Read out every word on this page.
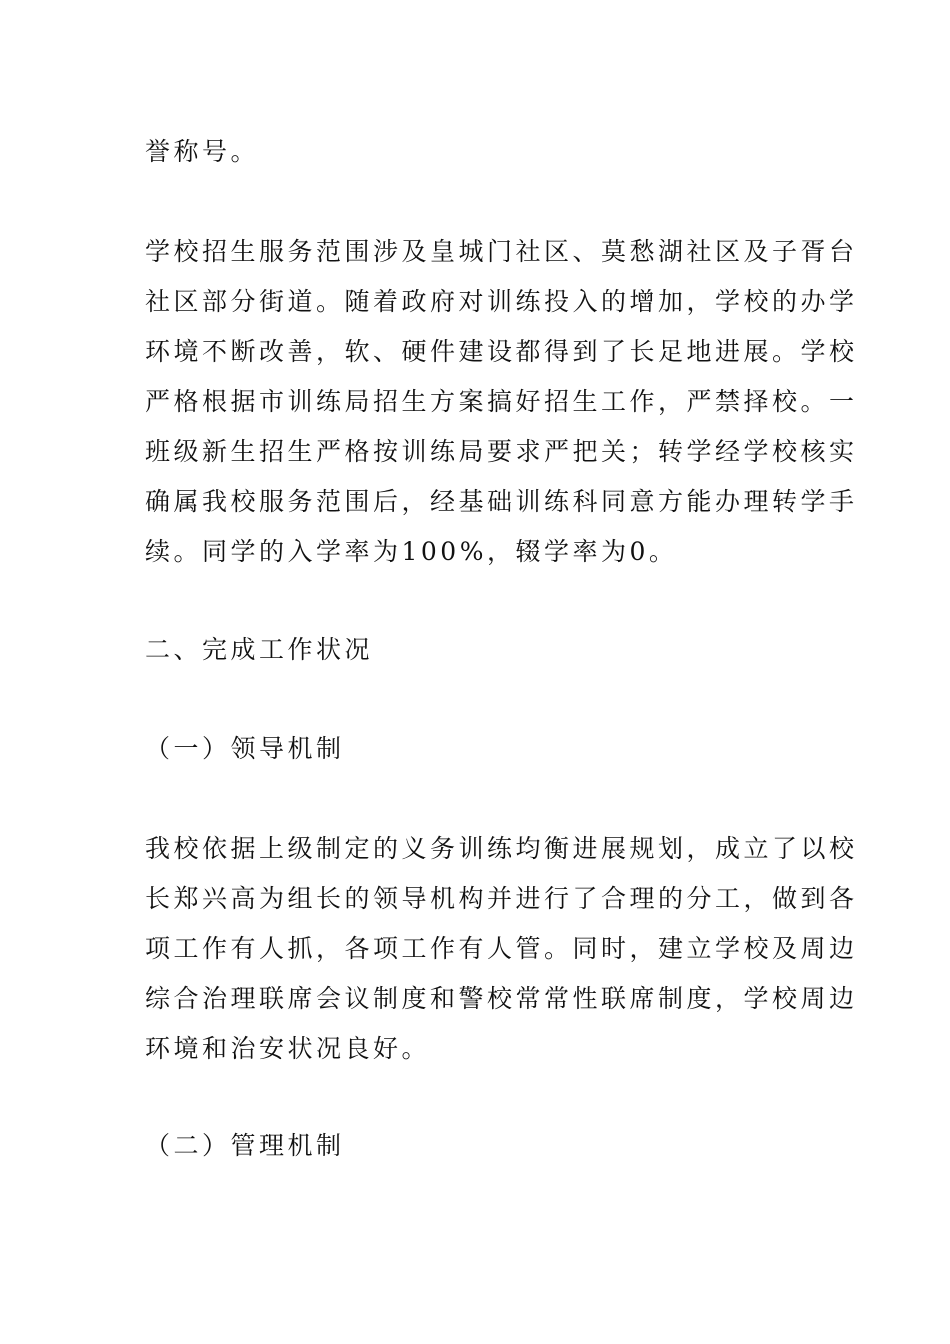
誉称号。
学校招生服务范围涉及皇城门社区、莫愁湖社区及子胥台
社区部分街道。随着政府对训练投入的增加，学校的办学
环境不断改善，软、硬件建设都得到了长足地进展。学校
严格根据市训练局招生方案搞好招生工作，严禁择校。一
班级新生招生严格按训练局要求严把关；转学经学校核实
确属我校服务范围后，经基础训练科同意方能办理转学手
续。同学的入学率为100%，辍学率为0。
二、完成工作状况
（一）领导机制
我校依据上级制定的义务训练均衡进展规划，成立了以校
长郑兴高为组长的领导机构并进行了合理的分工，做到各
项工作有人抓，各项工作有人管。同时，建立学校及周边
综合治理联席会议制度和警校常常性联席制度，学校周边
环境和治安状况良好。
（二）管理机制
